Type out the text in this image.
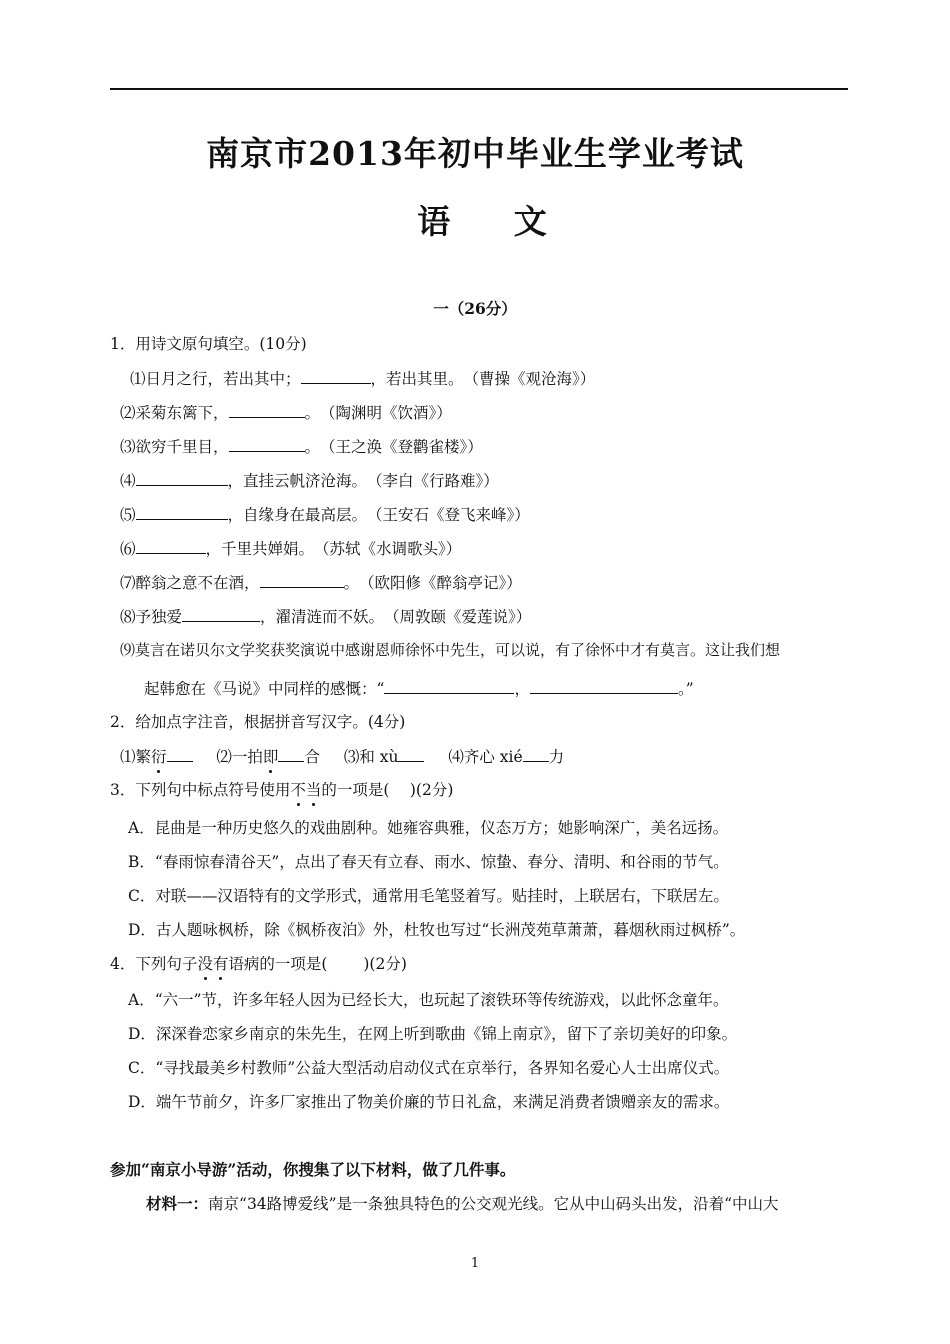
南京市2013年初中毕业生学业考试
语 文
一（26分）
1．用诗文原句填空。(10分)
⑴日月之行，若出其中；	，若出其里。　（曹操《观沧海》）
⑵采菊东篱下，	。　（陶渊明《饮酒》）
⑶欲穷千里目，	。　（王之涣《登鹳雀楼》）
⑷	，直挂云帆济沧海。　（李白《行路难》）
⑸	，自缘身在最高层。　（王安石《登飞来峰》）
⑹	，千里共婵娟。　（苏轼《水调歌头》）
⑺醉翁之意不在酒，	。　（欧阳修《醉翁亭记》）
⑻予独爱	，濯清涟而不妖。　（周敦颐《爱莲说》）
⑼莫言在诺贝尔文学奖获奖演说中感谢恩师徐怀中先生，可以说，有了徐怀中才有莫言。这让我们想
起韩愈在《马说》中同样的感慨：“	，	。”
2．给加点字注音，根据拼音写汉字。(4分)
⑴繁衍	⑵一拍即 合 ⑶和 xù	⑷齐心 xié 力
3．下列句中标点符号使用不当的一项是(　 )(2分)
A．昆曲是一种历史悠久的戏曲剧种。她雍容典雅，仪态万方；她影响深广，美名远扬。
B．“春雨惊春清谷天”，点出了春天有立春、雨水、惊蛰、春分、清明、和谷雨的节气。
C．对联——汉语特有的文学形式，通常用毛笔竖着写。贴挂时，上联居右，下联居左。
D．古人题咏枫桥，除《枫桥夜泊》外，杜牧也写过“长洲茂苑草萧萧，暮烟秋雨过枫桥”。
4．下列句子没有语病的一项是(　　 )(2分)
A．“六一”节，许多年轻人因为已经长大，也玩起了滚铁环等传统游戏，以此怀念童年。
D．深深眷恋家乡南京的朱先生，在网上听到歌曲《锦上南京》，留下了亲切美好的印象。
C．“寻找最美乡村教师”公益大型活动启动仪式在京举行，各界知名爱心人士出席仪式。
D．端午节前夕，许多厂家推出了物美价廉的节日礼盒，来满足消费者馈赠亲友的需求。
参加“南京小导游”活动，你搜集了以下材料，做了几件事。
材料一：南京“34路博爱线”是一条独具特色的公交观光线。它从中山码头出发，沿着“中山大
1
